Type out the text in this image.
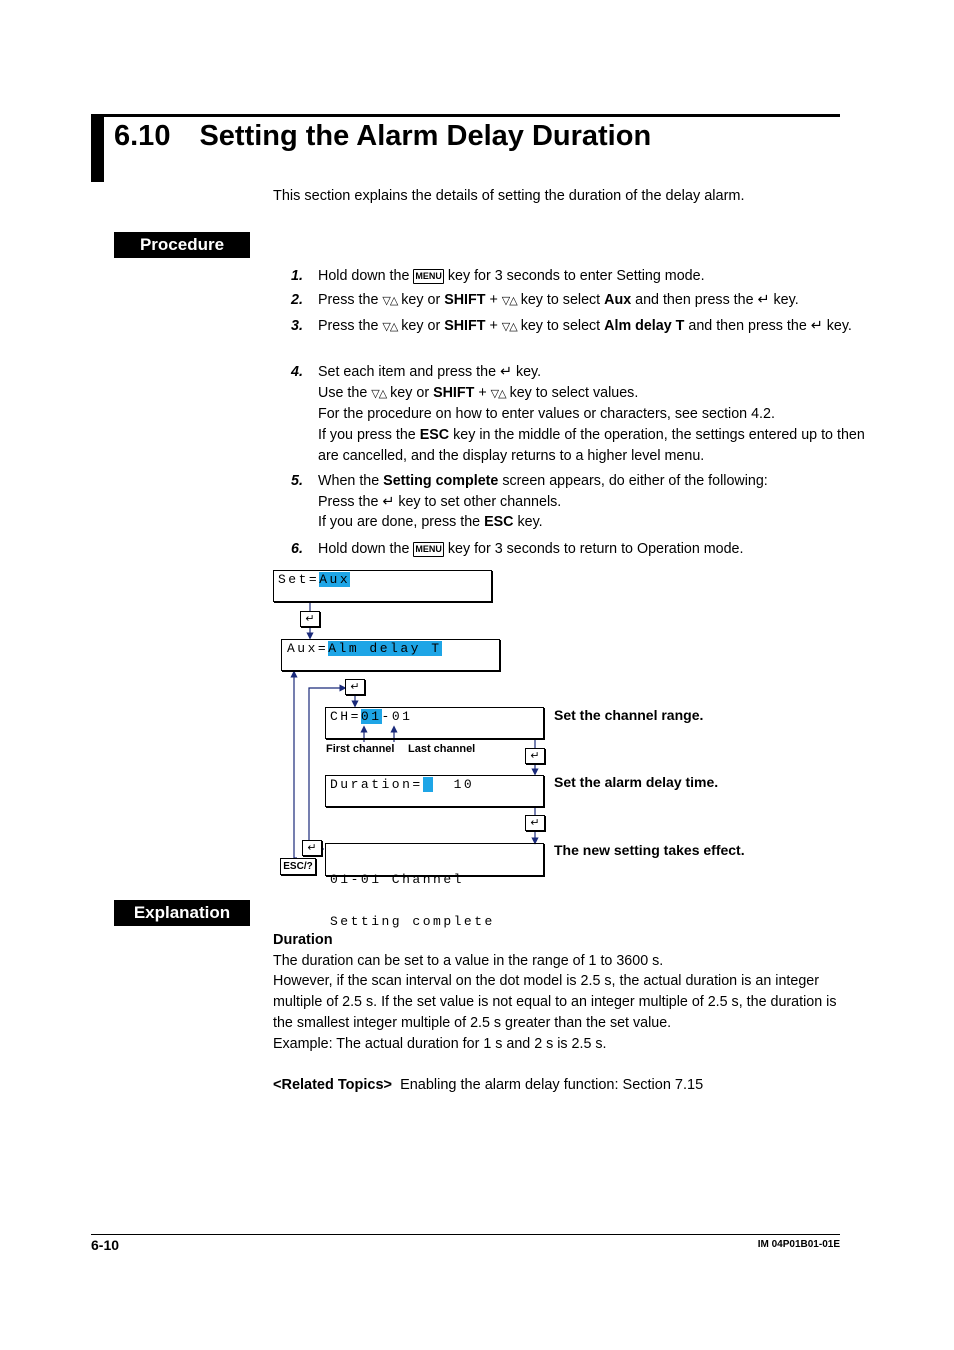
6.10 Setting the Alarm Delay Duration
This section explains the details of setting the duration of the delay alarm.
Procedure
1. Hold down the MENU key for 3 seconds to enter Setting mode.
2. Press the ▽△ key or SHIFT + ▽△ key to select Aux and then press the ↵ key.
3. Press the ▽△ key or SHIFT + ▽△ key to select Alm delay T and then press the ↵ key.
4. Set each item and press the ↵ key.
Use the ▽△ key or SHIFT + ▽△ key to select values.
For the procedure on how to enter values or characters, see section 4.2.
If you press the ESC key in the middle of the operation, the settings entered up to then are cancelled, and the display returns to a higher level menu.
5. When the Setting complete screen appears, do either of the following:
Press the ↵ key to set other channels.
If you are done, press the ESC key.
6. Hold down the MENU key for 3 seconds to return to Operation mode.

Set=Aux

↵

Aux=Alm delay T

↵

CH=01-01	Set the channel range.
First channel Last channel
↵

Duration=   10	Set the alarm delay time.
↵

01-01 Channel

Setting complete

↵
ESC/?
The new setting takes effect.
Explanation
Duration
The duration can be set to a value in the range of 1 to 3600 s.
However, if the scan interval on the dot model is 2.5 s, the actual duration is an integer multiple of 2.5 s. If the set value is not equal to an integer multiple of 2.5 s, the duration is the smallest integer multiple of 2.5 s greater than the set value.
Example: The actual duration for 1 s and 2 s is 2.5 s.
<Related Topics> Enabling the alarm delay function: Section 7.15
6-10	IM 04P01B01-01E
